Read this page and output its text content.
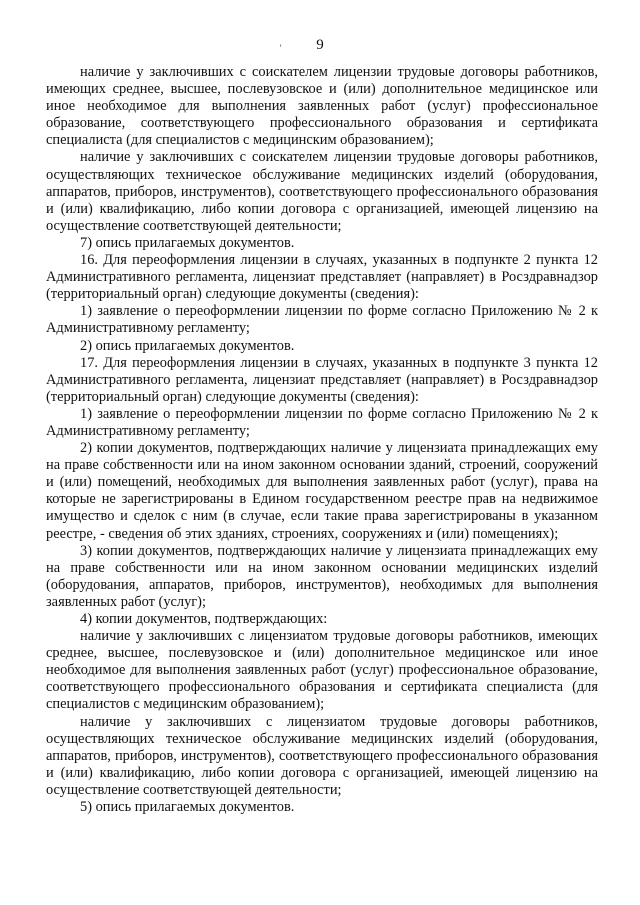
9
ʼ

наличие у заключивших с соискателем лицензии трудовые договоры работников, имеющих среднее, высшее, послевузовское и (или) дополнительное медицинское или иное необходимое для выполнения заявленных работ (услуг) профессиональное образование, соответствующего профессионального образования и сертификата специалиста (для специалистов с медицинским образованием);

наличие у заключивших с соискателем лицензии трудовые договоры работников, осуществляющих техническое обслуживание медицинских изделий (оборудования, аппаратов, приборов, инструментов), соответствующего профессионального образования и (или) квалификацию, либо копии договора с организацией, имеющей лицензию на осуществление соответствующей деятельности;

7) опись прилагаемых документов.

16. Для переоформления лицензии в случаях, указанных в подпункте 2 пункта 12 Административного регламента, лицензиат представляет (направляет) в Росздравнадзор (территориальный орган) следующие документы (сведения):

1) заявление о переоформлении лицензии по форме согласно Приложению № 2 к Административному регламенту;

2) опись прилагаемых документов.

17. Для переоформления лицензии в случаях, указанных в подпункте 3 пункта 12 Административного регламента, лицензиат представляет (направляет) в Росздравнадзор (территориальный орган) следующие документы (сведения):

1) заявление о переоформлении лицензии по форме согласно Приложению № 2 к Административному регламенту;

2) копии документов, подтверждающих наличие у лицензиата принадлежащих ему на праве собственности или на ином законном основании зданий, строений, сооружений и (или) помещений, необходимых для выполнения заявленных работ (услуг), права на которые не зарегистрированы в Едином государственном реестре прав на недвижимое имущество и сделок с ним (в случае, если такие права зарегистрированы в указанном реестре, - сведения об этих зданиях, строениях, сооружениях и (или) помещениях);

3) копии документов, подтверждающих наличие у лицензиата принадлежащих ему на праве собственности или на ином законном основании медицинских изделий (оборудования, аппаратов, приборов, инструментов), необходимых для выполнения заявленных работ (услуг);

4) копии документов, подтверждающих:

наличие у заключивших с лицензиатом трудовые договоры работников, имеющих среднее, высшее, послевузовское и (или) дополнительное медицинское или иное необходимое для выполнения заявленных работ (услуг) профессиональное образование, соответствующего профессионального образования и сертификата специалиста (для специалистов с медицинским образованием);

наличие у заключивших с лицензиатом трудовые договоры работников, осуществляющих техническое обслуживание медицинских изделий (оборудования, аппаратов, приборов, инструментов), соответствующего профессионального образования и (или) квалификацию, либо копии договора с организацией, имеющей лицензию на осуществление соответствующей деятельности;

5) опись прилагаемых документов.
